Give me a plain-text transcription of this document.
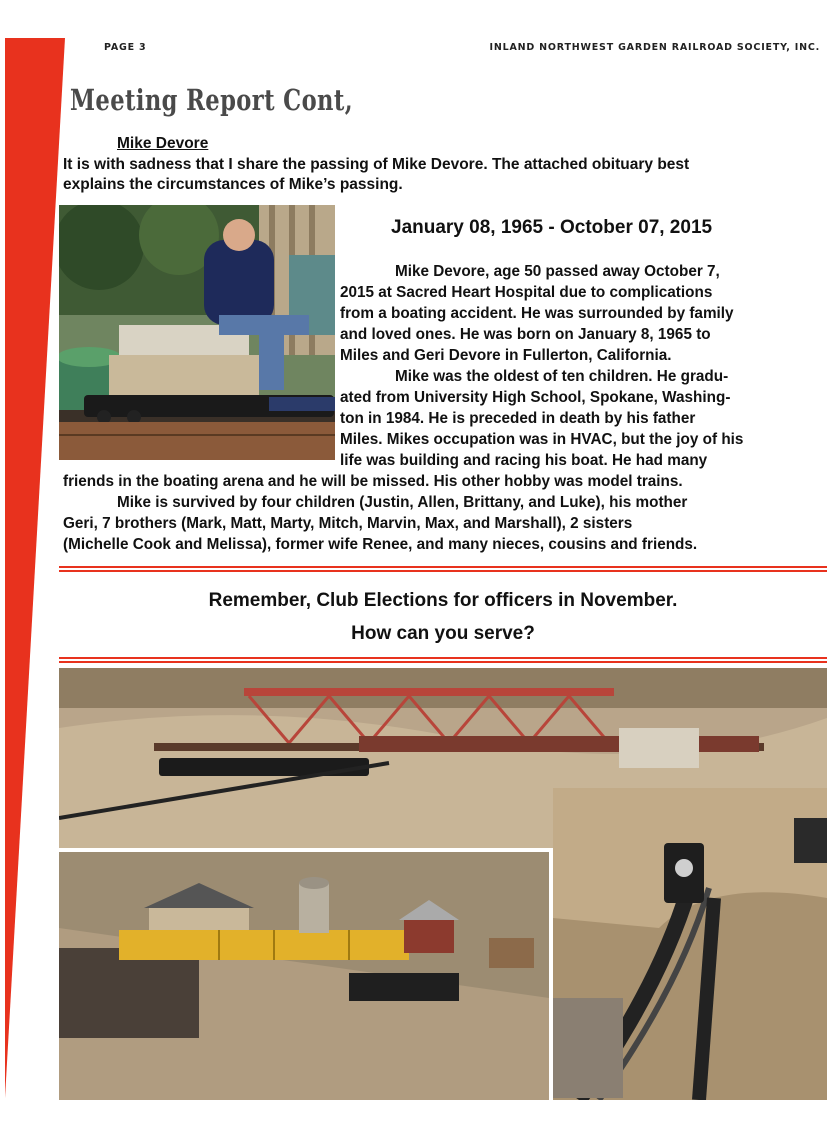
PAGE 3	INLAND NORTHWEST GARDEN RAILROAD SOCIETY, INC.
Meeting Report Cont,
Mike Devore
It is with sadness that I share the passing of Mike Devore. The attached obituary best
explains the circumstances of Mike’s passing.
January 08, 1965 - October 07, 2015
Mike Devore, age 50 passed away October 7,
2015 at Sacred Heart Hospital due to complications
from a boating accident. He was surrounded by family
and loved ones. He was born on January 8, 1965 to
Miles and Geri Devore in Fullerton, California.
Mike was the oldest of ten children. He gradu-
ated from University High School, Spokane, Washing-
ton in 1984. He is preceded in death by his father
Miles. Mikes occupation was in HVAC, but the joy of his
life was building and racing his boat. He had many
friends in the boating arena and he will be missed. His other hobby was model trains.
Mike is survived by four children (Justin, Allen, Brittany, and Luke), his mother
Geri, 7 brothers (Mark, Matt, Marty, Mitch, Marvin, Max, and Marshall), 2 sisters
(Michelle Cook and Melissa), former wife Renee, and many nieces, cousins and friends.
Remember, Club Elections for officers in November.
How can you serve?
